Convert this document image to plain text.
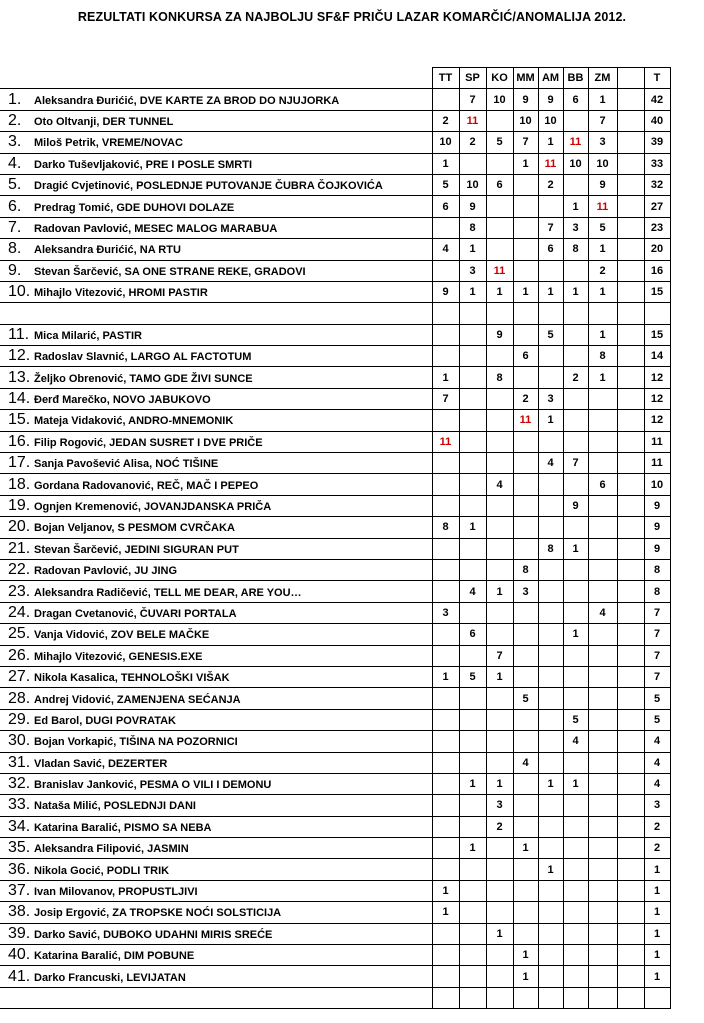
REZULTATI KONKURSA ZA NAJBOLJU SF&F PRIČU LAZAR KOMARČIĆ/ANOMALIJA 2012.
	TT	SP	KO	MM	AM	BB	ZM		T
1. Aleksandra Đurićić, DVE KARTE ZA BROD DO NJUJORKA		7	10	9	9	6	1		42
2. Oto Oltvanji, DER TUNNEL	2	11		10	10		7		40
3. Miloš Petrik, VREME/NOVAC	10	2	5	7	1	11	3		39
4. Darko Tuševljaković, PRE I POSLE SMRTI	1			1	11	10	10		33
5. Dragić Cvjetinović, POSLEDNJE PUTOVANJE ČUBRA ČOJKOVIĆA	5	10	6		2		9		32
6. Predrag Tomić, GDE DUHOVI DOLAZE	6	9				1	11		27
7. Radovan Pavlović, MESEC MALOG MARABUA		8			7	3	5		23
8. Aleksandra Đurićić, NA RTU	4	1			6	8	1		20
9. Stevan Šarčević, SA ONE STRANE REKE, GRADOVI		3	11				2		16
10. Mihajlo Vitezović, HROMI PASTIR	9	1	1	1	1	1	1		15

11. Mica Milarić, PASTIR			9		5		1		15
12. Radoslav Slavnić, LARGO AL FACTOTUM				6			8		14
13. Željko Obrenović, TAMO GDE ŽIVI SUNCE	1		8			2	1		12
14. Đerđ Marečko, NOVO JABUKOVO	7			2	3				12
15. Mateja Vidaković, ANDRO-MNEMONIK				11	1				12
16. Filip Rogović, JEDAN SUSRET I DVE PRIČE	11								11
17. Sanja Pavošević Alisa, NOĆ TIŠINE					4	7			11
18. Gordana Radovanović, REČ, MAČ I PEPEO			4				6		10
19. Ognjen Kremenović, JOVANJDANSKA PRIČA						9			9
20. Bojan Veljanov, S PESMOM CVRČAKA	8	1							9
21. Stevan Šarčević, JEDINI SIGURAN PUT					8	1			9
22. Radovan Pavlović, JU JING				8					8
23. Aleksandra Radičević, TELL ME DEAR, ARE YOU…		4	1	3					8
24. Dragan Cvetanović, ČUVARI PORTALA	3						4		7
25. Vanja Vidović, ZOV BELE MAČKE		6				1			7
26. Mihajlo Vitezović, GENESIS.EXE			7						7
27. Nikola Kasalica, TEHNOLOŠKI VIŠAK	1	5	1						7
28. Andrej Vidović, ZAMENJENA SEĆANJA				5					5
29. Ed Barol, DUGI POVRATAK						5			5
30. Bojan Vorkapić, TIŠINA NA POZORNICI						4			4
31. Vladan Savić, DEZERTER				4					4
32. Branislav Janković, PESMA O VILI I DEMONU		1	1		1	1			4
33. Nataša Milić, POSLEDNJI DANI			3						3
34. Katarina Baralić, PISMO SA NEBA			2						2
35. Aleksandra Filipović, JASMIN		1		1					2
36. Nikola Gocić, PODLI TRIK					1				1
37. Ivan Milovanov, PROPUSTLJIVI	1								1
38. Josip Ergović, ZA TROPSKE NOĆI SOLSTICIJA	1								1
39. Darko Savić, DUBOKO UDAHNI MIRIS SREĆE			1						1
40. Katarina Baralić, DIM POBUNE				1					1
41. Darko Francuski, LEVIJATAN				1					1
